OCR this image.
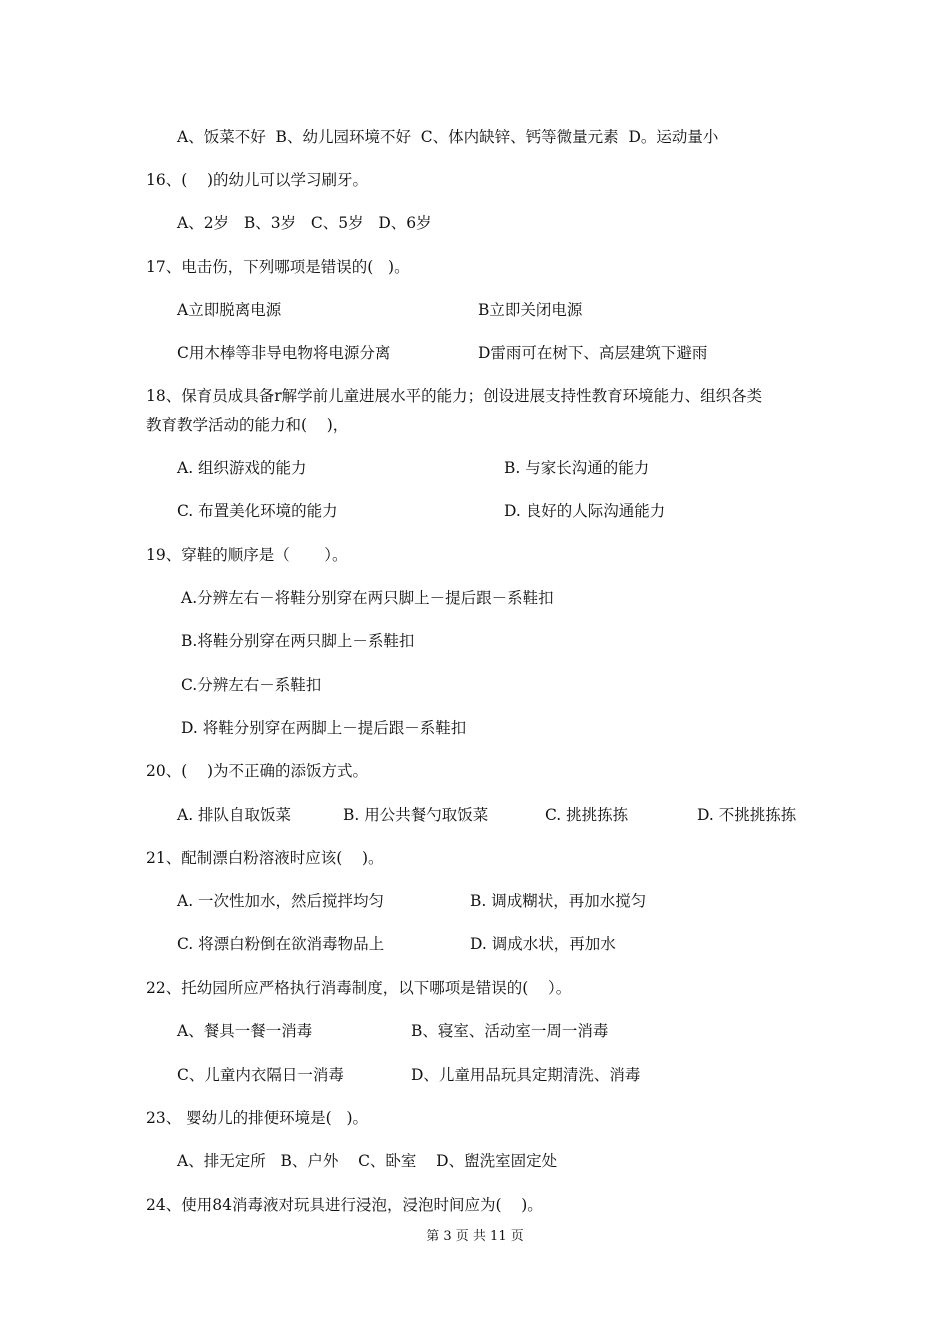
A、饭菜不好  B、幼儿园环境不好  C、体内缺锌、钙等微量元素  D。运动量小
16、(    )的幼儿可以学习刷牙。
A、2岁   B、3岁   C、5岁   D、6岁
17、电击伤，下列哪项是错误的(   )。
A立即脱离电源	B立即关闭电源
C用木棒等非导电物将电源分离	D雷雨可在树下、高层建筑下避雨
18、保育员成具备r解学前儿童进展水平的能力；创设进展支持性教育环境能力、组织各类
教育教学活动的能力和(    )，
A. 组织游戏的能力	B. 与家长沟通的能力
C. 布置美化环境的能力	D. 良好的人际沟通能力
19、穿鞋的顺序是（       ）。
A.分辨左右－将鞋分别穿在两只脚上－提后跟－系鞋扣
B.将鞋分别穿在两只脚上－系鞋扣
C.分辨左右－系鞋扣
D. 将鞋分别穿在两脚上－提后跟－系鞋扣
20、(    )为不正确的添饭方式。
A. 排队自取饭菜	B. 用公共餐勺取饭菜	C. 挑挑拣拣	D. 不挑挑拣拣
21、配制漂白粉溶液时应该(    )。
A. 一次性加水，然后搅拌均匀	B. 调成糊状，再加水搅匀
C. 将漂白粉倒在欲消毒物品上	D. 调成水状，再加水
22、托幼园所应严格执行消毒制度，以下哪项是错误的(    ）。
A、餐具一餐一消毒	B、寝室、活动室一周一消毒
C、儿童内衣隔日一消毒	D、儿童用品玩具定期清洗、消毒
23、 婴幼儿的排便环境是(   )。
A、排无定所   B、户外    C、卧室    D、盥洗室固定处
24、使用84消毒液对玩具进行浸泡，浸泡时间应为(    )。
第 3 页 共 11 页
